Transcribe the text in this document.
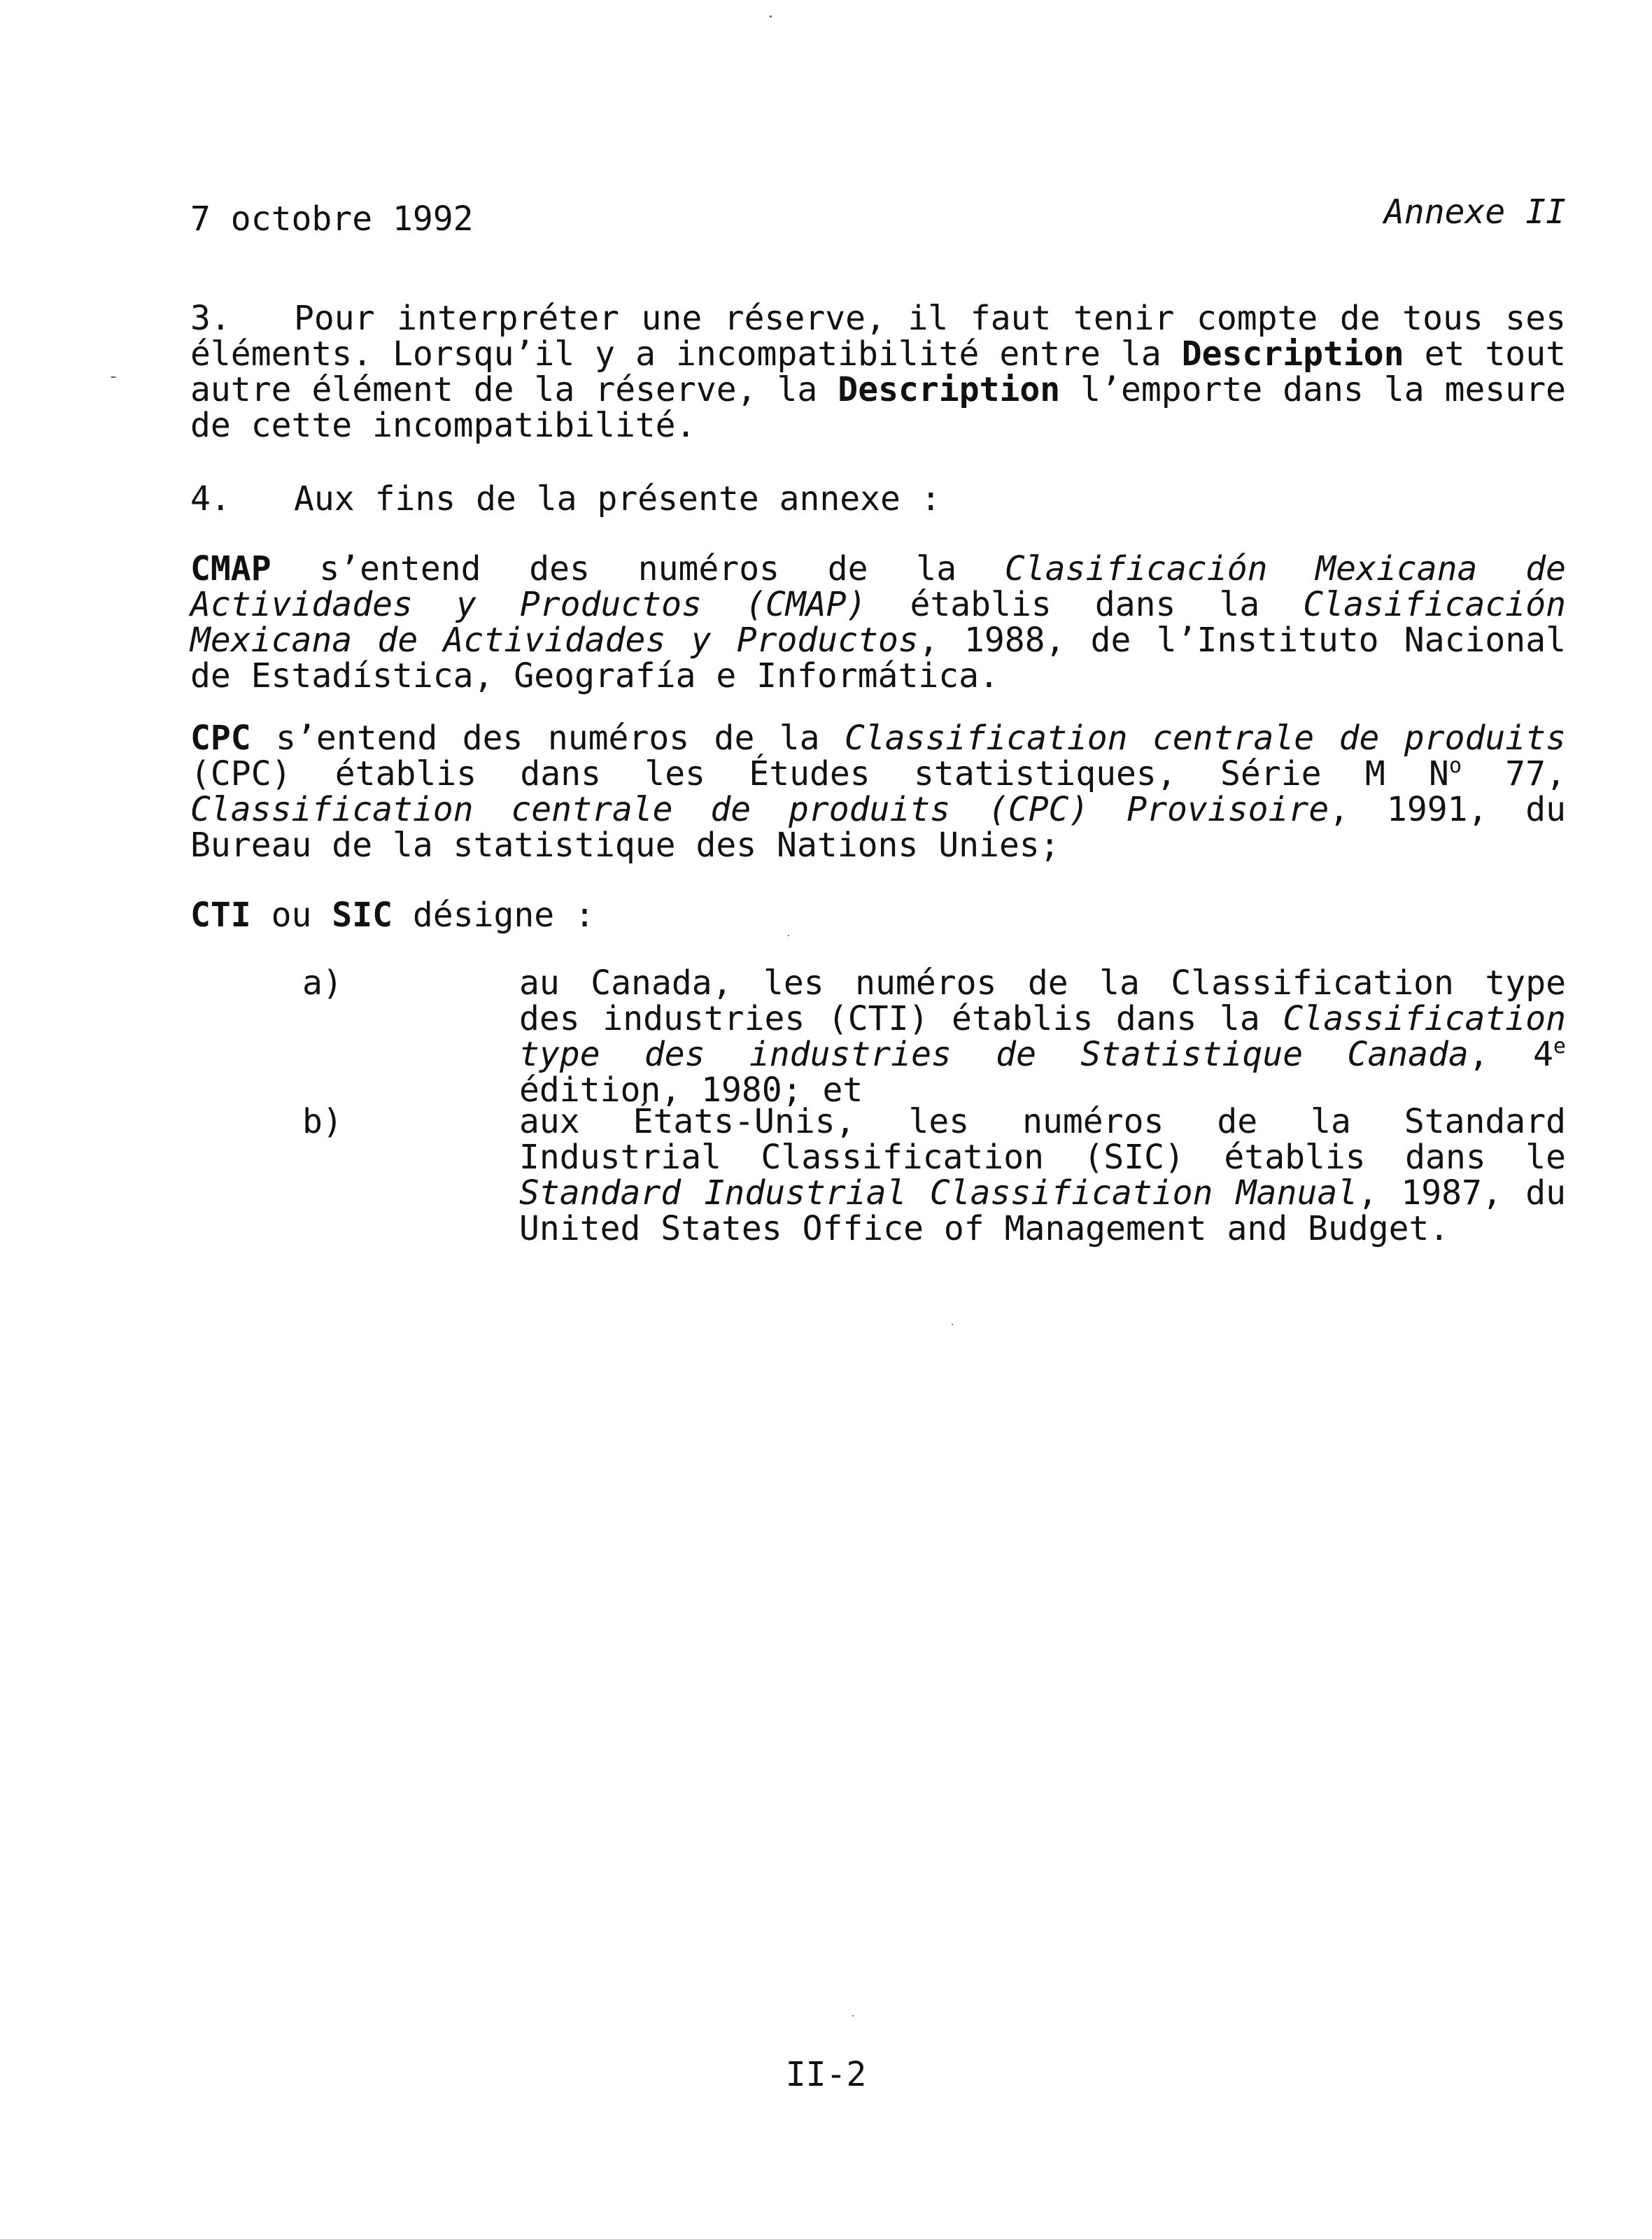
7 octobre 1992	Annexe II
3. Pour interpréter une réserve, il faut tenir compte de tous ses éléments. Lorsqu’il y a incompatibilité entre la Description et tout autre élément de la réserve, la Description l’emporte dans la mesure de cette incompatibilité.
4. Aux fins de la présente annexe :
CMAP s’entend des numéros de la Clasificación Mexicana de Actividades y Productos (CMAP) établis dans la Clasificación Mexicana de Actividades y Productos, 1988, de l’Instituto Nacional de Estadística, Geografía e Informática.
CPC s’entend des numéros de la Classification centrale de produits (CPC) établis dans les Études statistiques, Série M $N^o$ 77, Classification centrale de produits (CPC) Provisoire, 1991, du Bureau de la statistique des Nations Unies;
CTI ou SIC désigne :
a)	au Canada, les numéros de la Classification type des industries (CTI) établis dans la Classification type des industries de Statistique Canada, 4e édition, 1980; et
b)	aux États-Unis, les numéros de la Standard Industrial Classification (SIC) établis dans le Standard Industrial Classification Manual, 1987, du United States Office of Management and Budget.
II-2
